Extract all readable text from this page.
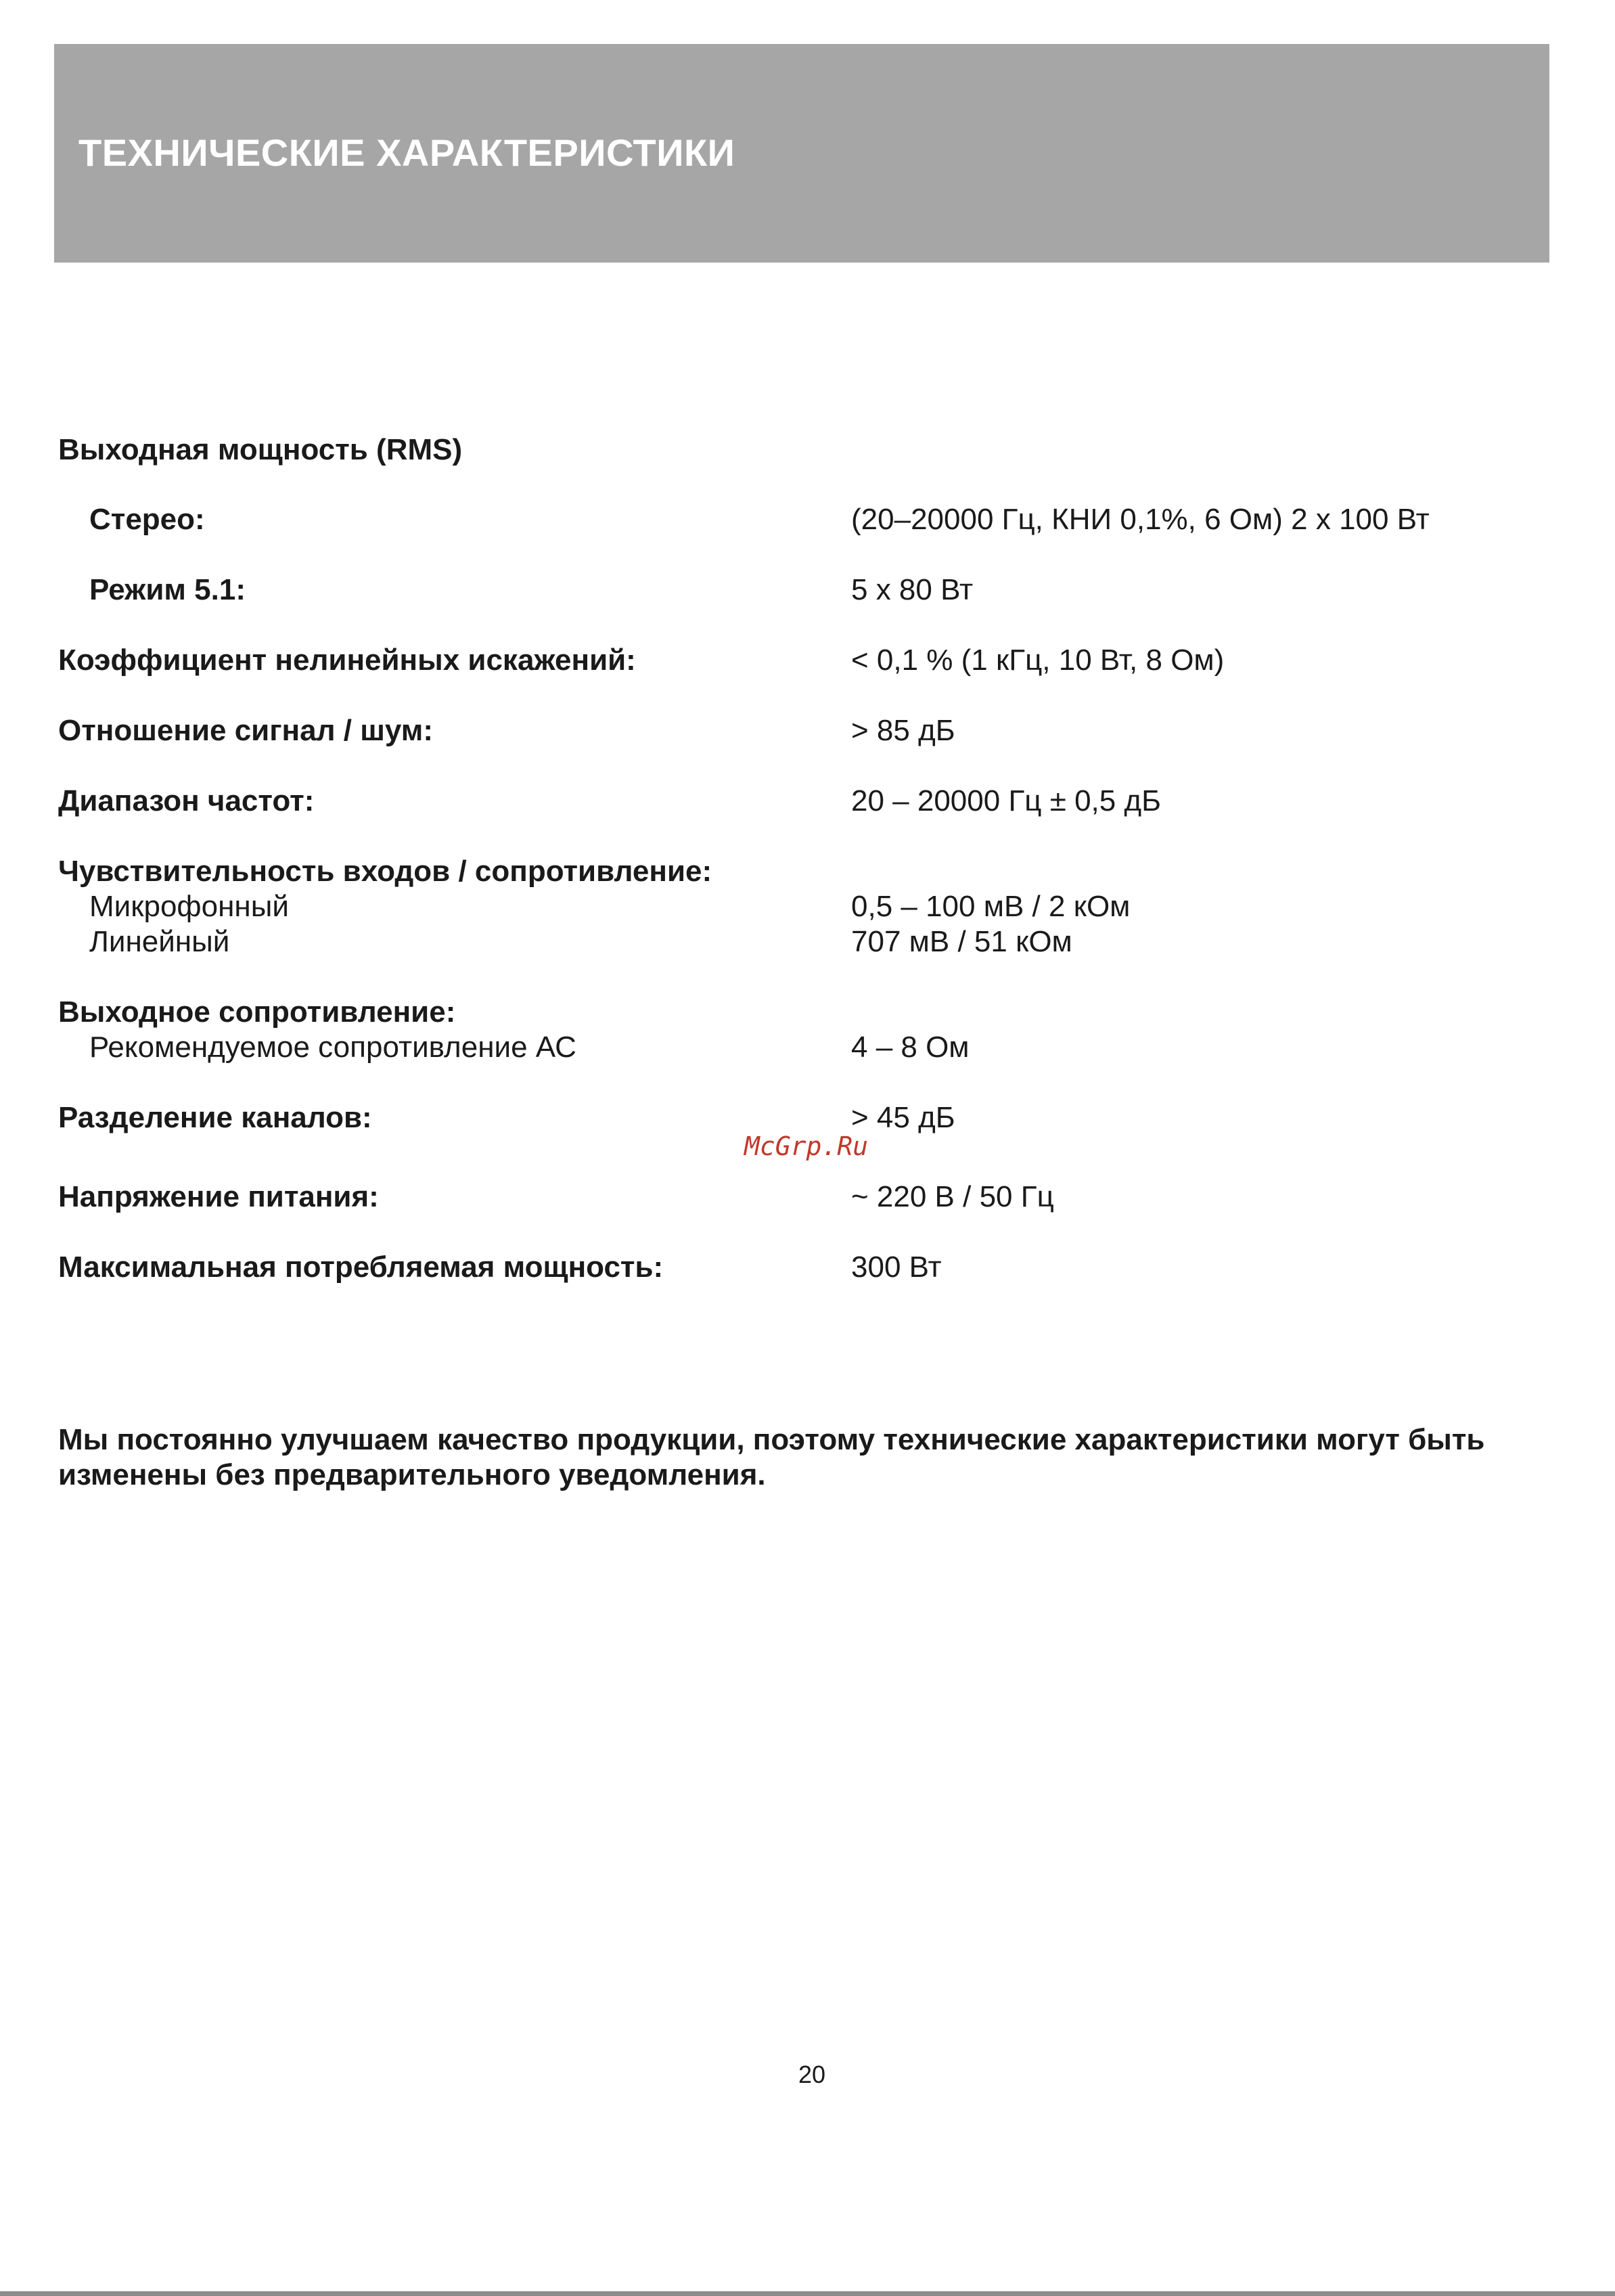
ТЕХНИЧЕСКИЕ ХАРАКТЕРИСТИКИ
Выходная мощность (RMS)
Стерео:	(20–20000 Гц, КНИ 0,1%, 6 Ом) 2 х 100 Вт
Режим 5.1:	5 х 80 Вт
Коэффициент нелинейных искажений:	< 0,1 % (1 кГц, 10 Вт, 8 Ом)
Отношение сигнал / шум:	> 85 дБ
Диапазон частот:	20 – 20000 Гц ± 0,5 дБ
Чувствительность входов / сопротивление:
Микрофонный	0,5 – 100 мВ / 2 кОм
Линейный	707 мВ / 51 кОм
Выходное сопротивление:
Рекомендуемое сопротивление АС	4 – 8 Ом
Разделение каналов:	> 45 дБ
McGrp.Ru
Напряжение питания:	~ 220 В / 50 Гц
Максимальная потребляемая мощность:	300 Вт
Мы постоянно улучшаем качество продукции, поэтому технические характеристики могут быть
изменены без предварительного уведомления.
20
